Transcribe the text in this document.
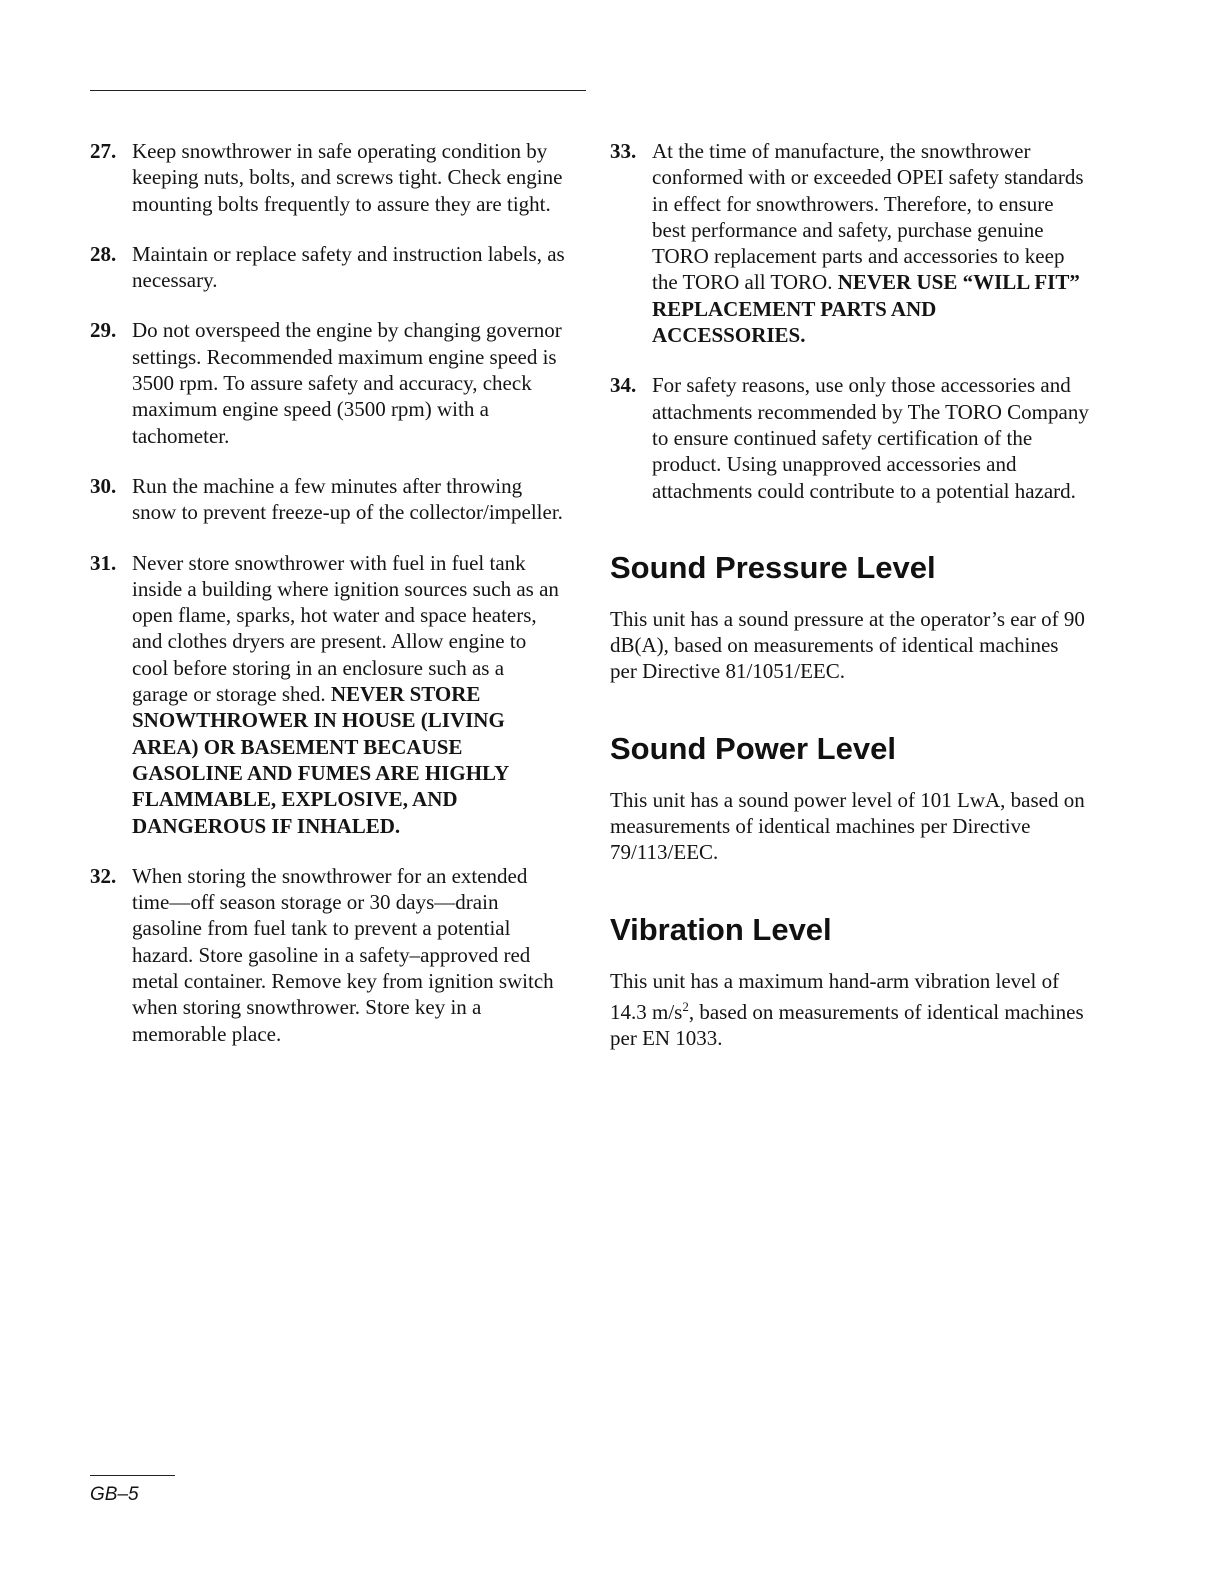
27. Keep snowthrower in safe operating condition by keeping nuts, bolts, and screws tight. Check engine mounting bolts frequently to assure they are tight.
28. Maintain or replace safety and instruction labels, as necessary.
29. Do not overspeed the engine by changing governor settings. Recommended maximum engine speed is 3500 rpm. To assure safety and accuracy, check maximum engine speed (3500 rpm) with a tachometer.
30. Run the machine a few minutes after throwing snow to prevent freeze-up of the collector/impeller.
31. Never store snowthrower with fuel in fuel tank inside a building where ignition sources such as an open flame, sparks, hot water and space heaters, and clothes dryers are present. Allow engine to cool before storing in an enclosure such as a garage or storage shed. NEVER STORE SNOWTHROWER IN HOUSE (LIVING AREA) OR BASEMENT BECAUSE GASOLINE AND FUMES ARE HIGHLY FLAMMABLE, EXPLOSIVE, AND DANGEROUS IF INHALED.
32. When storing the snowthrower for an extended time—off season storage or 30 days—drain gasoline from fuel tank to prevent a potential hazard. Store gasoline in a safety–approved red metal container. Remove key from ignition switch when storing snowthrower. Store key in a memorable place.
33. At the time of manufacture, the snowthrower conformed with or exceeded OPEI safety standards in effect for snowthrowers. Therefore, to ensure best performance and safety, purchase genuine TORO replacement parts and accessories to keep the TORO all TORO. NEVER USE “WILL FIT” REPLACEMENT PARTS AND ACCESSORIES.
34. For safety reasons, use only those accessories and attachments recommended by The TORO Company to ensure continued safety certification of the product. Using unapproved accessories and attachments could contribute to a potential hazard.
Sound Pressure Level

This unit has a sound pressure at the operator’s ear of 90 dB(A), based on measurements of identical machines per Directive 81/1051/EEC.

Sound Power Level

This unit has a sound power level of 101 LwA, based on measurements of identical machines per Directive 79/113/EEC.

Vibration Level

This unit has a maximum hand-arm vibration level of 14.3 $m/s^2$, based on measurements of identical machines per EN 1033.

GB–5
